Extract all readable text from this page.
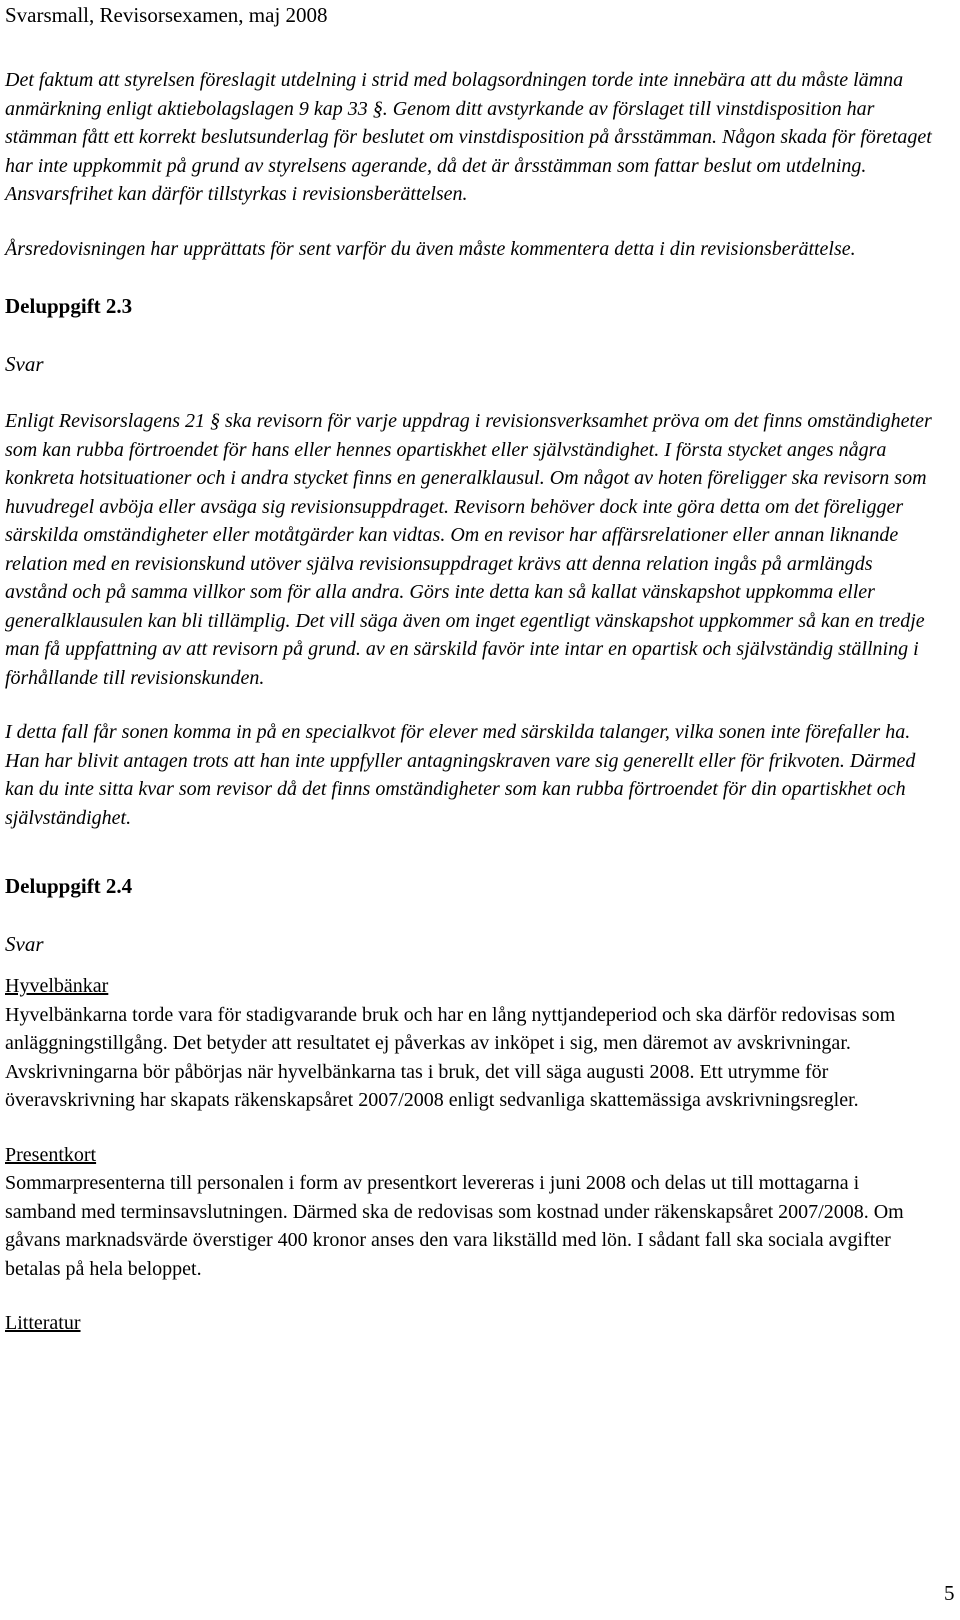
Svarsmall, Revisorsexamen, maj 2008

Det faktum att styrelsen föreslagit utdelning i strid med bolagsordningen torde inte innebära att du måste lämna anmärkning enligt aktiebolagslagen 9 kap 33 §. Genom ditt avstyrkande av förslaget till vinstdisposition har stämman fått ett korrekt beslutsunderlag för beslutet om vinstdisposition på årsstämman. Någon skada för företaget har inte uppkommit på grund av styrelsens agerande, då det är årsstämman som fattar beslut om utdelning. Ansvarsfrihet kan därför tillstyrkas i revisionsberättelsen.

Årsredovisningen har upprättats för sent varför du även måste kommentera detta i din revisionsberättelse.

Deluppgift 2.3

Svar

Enligt Revisorslagens 21 § ska revisorn för varje uppdrag i revisionsverksamhet pröva om det finns omständigheter som kan rubba förtroendet för hans eller hennes opartiskhet eller självständighet. I första stycket anges några konkreta hotsituationer och i andra stycket finns en generalklausul. Om något av hoten föreligger ska revisorn som huvudregel avböja eller avsäga sig revisionsuppdraget. Revisorn behöver dock inte göra detta om det föreligger särskilda omständigheter eller motåtgärder kan vidtas. Om en revisor har affärsrelationer eller annan liknande relation med en revisionskund utöver själva revisionsuppdraget krävs att denna relation ingås på armlängds avstånd och på samma villkor som för alla andra. Görs inte detta kan så kallat vänskapshot uppkomma eller generalklausulen kan bli tillämplig. Det vill säga även om inget egentligt vänskapshot uppkommer så kan en tredje man få uppfattning av att revisorn på grund. av en särskild favör inte intar en opartisk och självständig ställning i förhållande till revisionskunden.

I detta fall får sonen komma in på en specialkvot för elever med särskilda talanger, vilka sonen inte förefaller ha. Han har blivit antagen trots att han inte uppfyller antagningskraven vare sig generellt eller för frikvoten. Därmed kan du inte sitta kvar som revisor då det finns omständigheter som kan rubba förtroendet för din opartiskhet och självständighet.

Deluppgift 2.4

Svar

Hyvelbänkar

Hyvelbänkarna torde vara för stadigvarande bruk och har en lång nyttjandeperiod och ska därför redovisas som anläggningstillgång. Det betyder att resultatet ej påverkas av inköpet i sig, men däremot av avskrivningar. Avskrivningarna bör påbörjas när hyvelbänkarna tas i bruk, det vill säga augusti 2008. Ett utrymme för överavskrivning har skapats räkenskapsåret 2007/2008 enligt sedvanliga skattemässiga avskrivningsregler.

Presentkort

Sommarpresenterna till personalen i form av presentkort levereras i juni 2008 och delas ut till mottagarna i samband med terminsavslutningen. Därmed ska de redovisas som kostnad under räkenskapsåret 2007/2008. Om gåvans marknadsvärde överstiger 400 kronor anses den vara likställd med lön. I sådant fall ska sociala avgifter betalas på hela beloppet.

Litteratur

5
